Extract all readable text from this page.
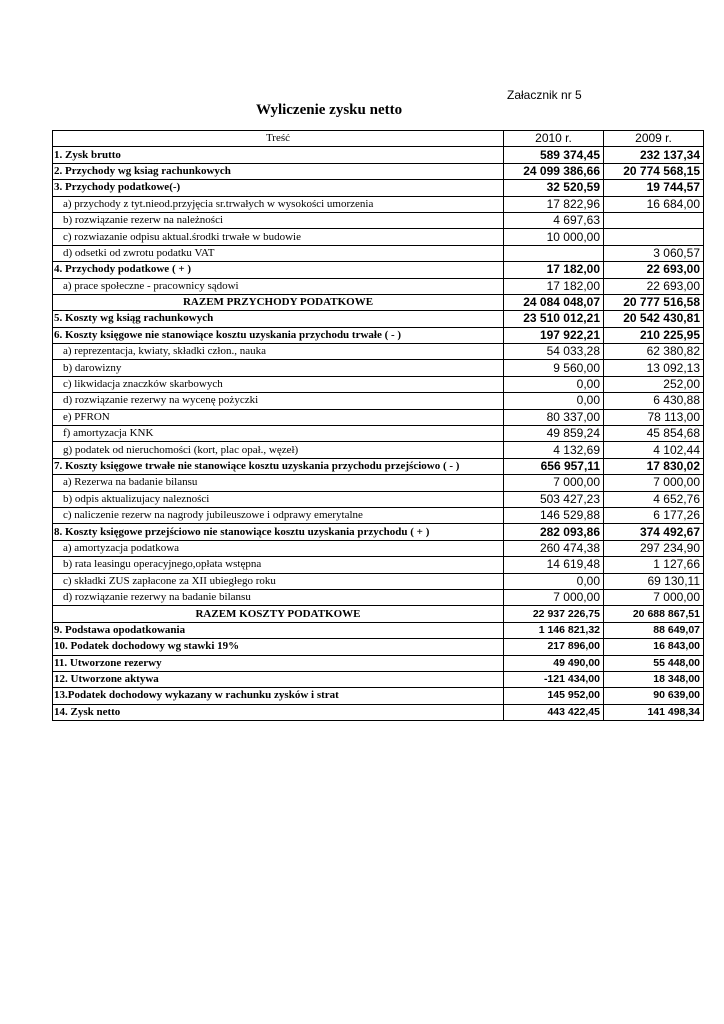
Załacznik nr 5
Wyliczenie zysku netto
Treść	2010 r.	2009 r.
1. Zysk brutto	589 374,45	232 137,34
2. Przychody wg ksiag rachunkowych	24 099 386,66	20 774 568,15
3. Przychody podatkowe(-)	32 520,59	19 744,57
a) przychody z tyt.nieod.przyjęcia sr.trwałych w wysokości umorzenia	17 822,96	16 684,00
b) rozwiązanie rezerw na należności	4 697,63	
c) rozwiazanie odpisu aktual.środki trwałe w budowie	10 000,00	
d) odsetki od zwrotu podatku VAT		3 060,57
4. Przychody podatkowe ( + )	17 182,00	22 693,00
a) prace społeczne - pracownicy sądowi	17 182,00	22 693,00
RAZEM PRZYCHODY PODATKOWE	24 084 048,07	20 777 516,58
5. Koszty wg ksiąg rachunkowych	23 510 012,21	20 542 430,81
6. Koszty księgowe nie stanowiące kosztu uzyskania przychodu trwałe ( - )	197 922,21	210 225,95
a) reprezentacja, kwiaty, składki człon., nauka	54 033,28	62 380,82
b) darowizny	9 560,00	13 092,13
c) likwidacja znaczków skarbowych	0,00	252,00
d) rozwiązanie rezerwy na wycenę pożyczki	0,00	6 430,88
e) PFRON	80 337,00	78 113,00
f) amortyzacja KNK	49 859,24	45 854,68
g) podatek od nieruchomości (kort, plac opał., węzeł)	4 132,69	4 102,44
7. Koszty księgowe trwałe nie stanowiące kosztu uzyskania przychodu przejściowo ( - )	656 957,11	17 830,02
a) Rezerwa na badanie bilansu	7 000,00	7 000,00
b) odpis aktualizujacy nalezności	503 427,23	4 652,76
c) naliczenie rezerw na nagrody jubileuszowe i odprawy emerytalne	146 529,88	6 177,26
8. Koszty księgowe przejściowo nie stanowiące kosztu uzyskania przychodu ( + )	282 093,86	374 492,67
a) amortyzacja podatkowa	260 474,38	297 234,90
b) rata leasingu operacyjnego,opłata wstępna	14 619,48	1 127,66
c) składki ZUS zapłacone za XII ubiegłego roku	0,00	69 130,11
d) rozwiązanie rezerwy na badanie bilansu	7 000,00	7 000,00
RAZEM KOSZTY PODATKOWE	22 937 226,75	20 688 867,51
9. Podstawa opodatkowania	1 146 821,32	88 649,07
10. Podatek dochodowy wg stawki 19%	217 896,00	16 843,00
11. Utworzone rezerwy	49 490,00	55 448,00
12. Utworzone aktywa	-121 434,00	18 348,00
13.Podatek dochodowy wykazany w rachunku zysków i strat	145 952,00	90 639,00
14. Zysk netto	443 422,45	141 498,34
